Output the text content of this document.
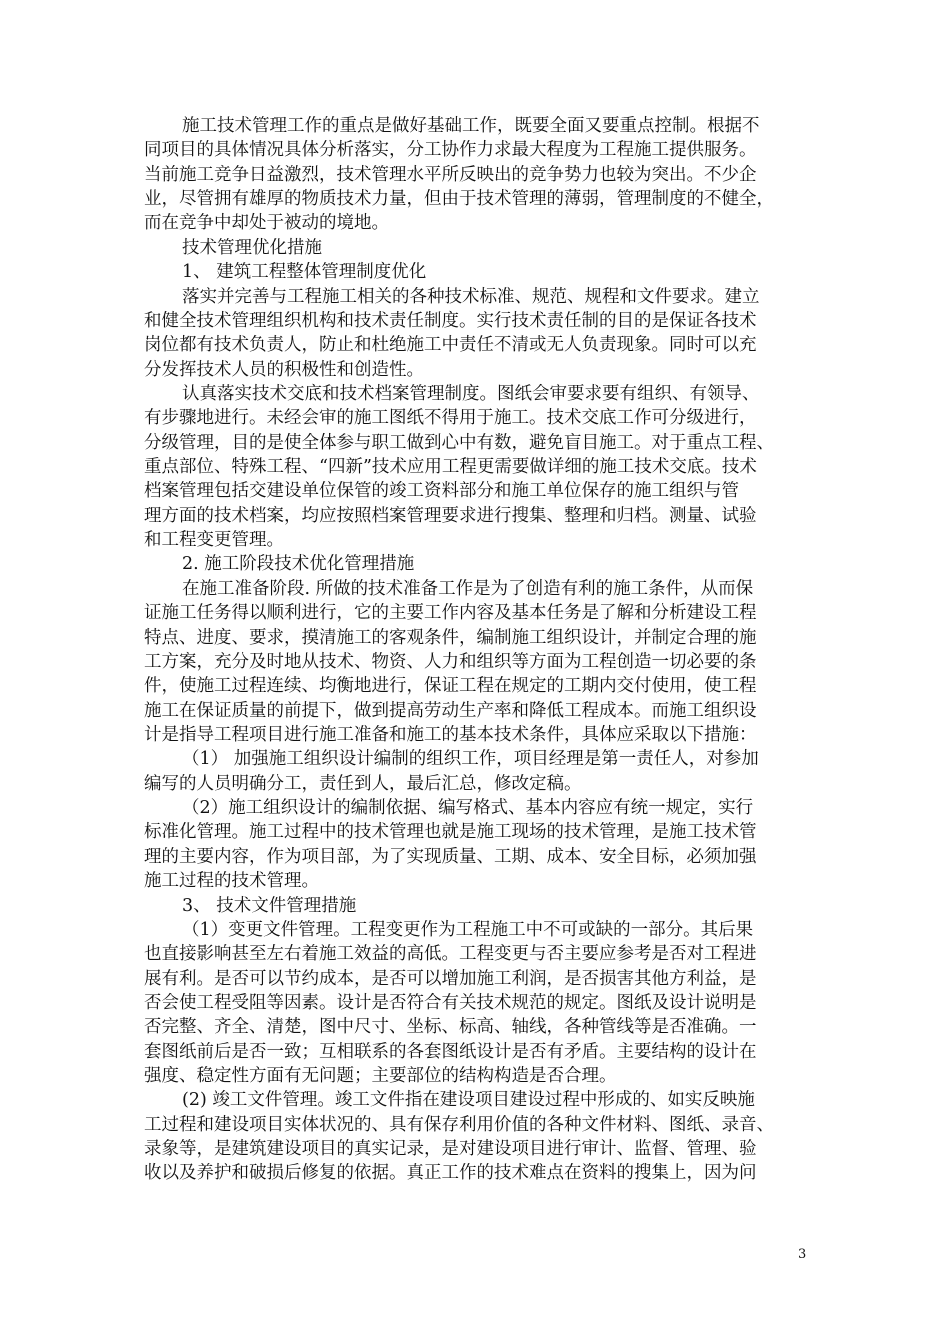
施工技术管理工作的重点是做好基础工作，既要全面又要重点控制。根据不
同项目的具体情况具体分析落实，分工协作力求最大程度为工程施工提供服务。
当前施工竞争日益激烈，技术管理水平所反映出的竞争势力也较为突出。不少企
业，尽管拥有雄厚的物质技术力量，但由于技术管理的薄弱，管理制度的不健全，
而在竞争中却处于被动的境地。
技术管理优化措施
1、 建筑工程整体管理制度优化
落实并完善与工程施工相关的各种技术标准、规范、规程和文件要求。建立
和健全技术管理组织机构和技术责任制度。实行技术责任制的目的是保证各技术
岗位都有技术负责人，防止和杜绝施工中责任不清或无人负责现象。同时可以充
分发挥技术人员的积极性和创造性。
认真落实技术交底和技术档案管理制度。图纸会审要求要有组织、有领导、
有步骤地进行。未经会审的施工图纸不得用于施工。技术交底工作可分级进行，
分级管理，目的是使全体参与职工做到心中有数，避免盲目施工。对于重点工程、
重点部位、特殊工程、“四新”技术应用工程更需要做详细的施工技术交底。技术
档案管理包括交建设单位保管的竣工资料部分和施工单位保存的施工组织与管
理方面的技术档案，均应按照档案管理要求进行搜集、整理和归档。测量、试验
和工程变更管理。
2. 施工阶段技术优化管理措施
在施工准备阶段. 所做的技术准备工作是为了创造有利的施工条件，从而保
证施工任务得以顺利进行，它的主要工作内容及基本任务是了解和分析建设工程
特点、进度、要求，摸清施工的客观条件，编制施工组织设计，并制定合理的施
工方案，充分及时地从技术、物资、人力和组织等方面为工程创造一切必要的条
件，使施工过程连续、均衡地进行，保证工程在规定的工期内交付使用，使工程
施工在保证质量的前提下，做到提高劳动生产率和降低工程成本。而施工组织设
计是指导工程项目进行施工准备和施工的基本技术条件，具体应采取以下措施：
（1） 加强施工组织设计编制的组织工作，项目经理是第一责任人，对参加
编写的人员明确分工，责任到人，最后汇总，修改定稿。
（2）施工组织设计的编制依据、编写格式、基本内容应有统一规定，实行
标准化管理。施工过程中的技术管理也就是施工现场的技术管理，是施工技术管
理的主要内容，作为项目部，为了实现质量、工期、成本、安全目标，必须加强
施工过程的技术管理。
3、 技术文件管理措施
（1）变更文件管理。工程变更作为工程施工中不可或缺的一部分。其后果
也直接影响甚至左右着施工效益的高低。工程变更与否主要应参考是否对工程进
展有利。是否可以节约成本，是否可以增加施工利润，是否损害其他方利益，是
否会使工程受阻等因素。设计是否符合有关技术规范的规定。图纸及设计说明是
否完整、齐全、清楚，图中尺寸、坐标、标高、轴线，各种管线等是否准确。一
套图纸前后是否一致；互相联系的各套图纸设计是否有矛盾。主要结构的设计在
强度、稳定性方面有无问题；主要部位的结构构造是否合理。
(2) 竣工文件管理。竣工文件指在建设项目建设过程中形成的、如实反映施
工过程和建设项目实体状况的、具有保存利用价值的各种文件材料、图纸、录音、
录象等，是建筑建设项目的真实记录，是对建设项目进行审计、监督、管理、验
收以及养护和破损后修复的依据。真正工作的技术难点在资料的搜集上，因为问
3
